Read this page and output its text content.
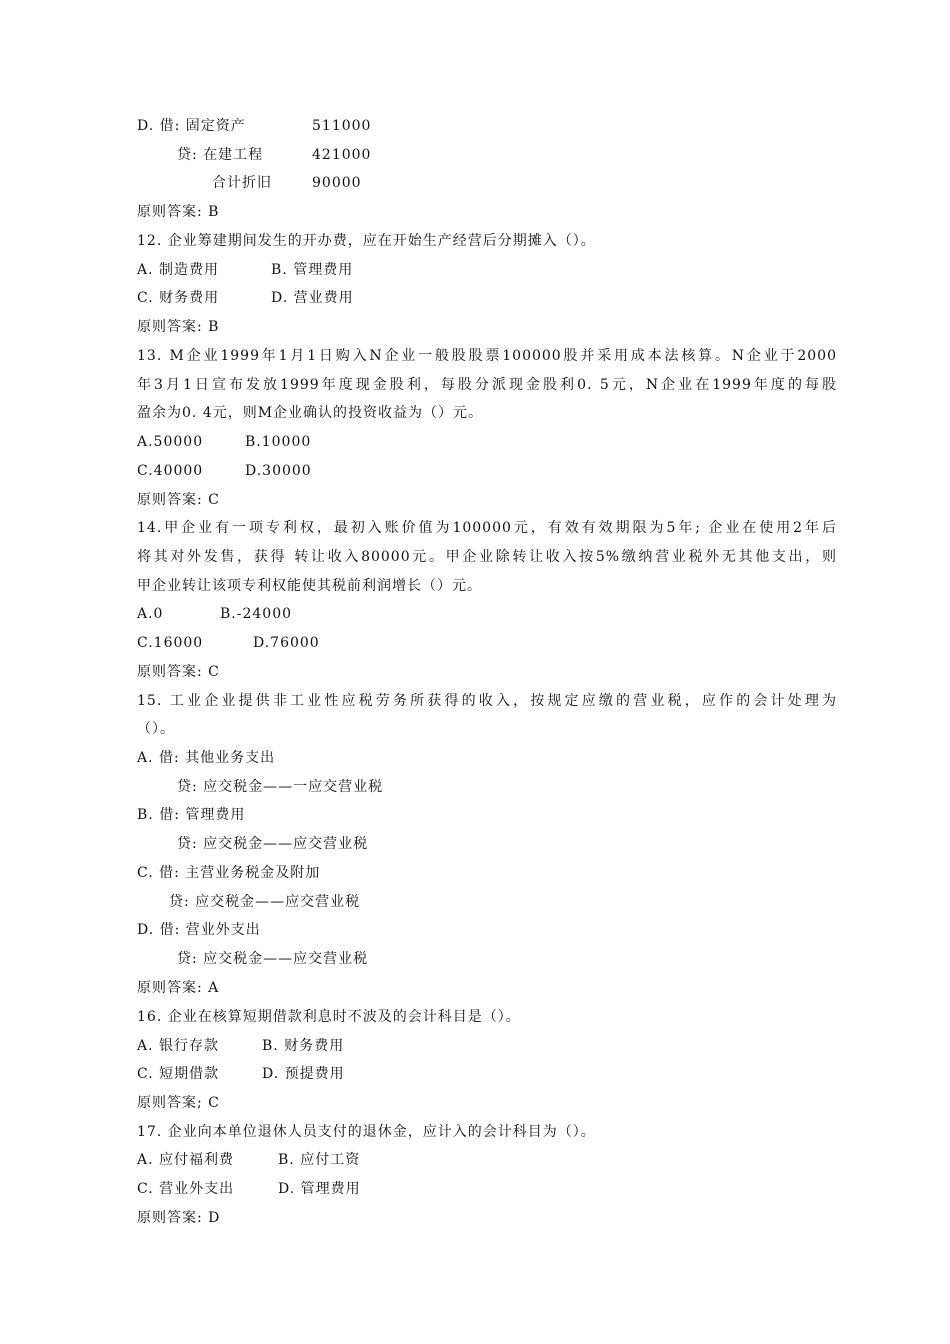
D. 借: 固定资产	511000
贷: 在建工程	421000
合计折旧	90000
原则答案: B
12. 企业筹建期间发生的开办费，应在开始生产经营后分期摊入（）。
A. 制造费用	B. 管理费用
C. 财务费用	D. 营业费用
原则答案: B
13. M企业1999年1月1日购入N企业一般股股票100000股并采用成本法核算。N企业于2000
年3月1日宣布发放1999年度现金股利，每股分派现金股利0. 5元，N企业在1999年度的每股
盈余为0. 4元，则M企业确认的投资收益为（）元。
A.50000	B.10000
C.40000	D.30000
原则答案: C
14.甲企业有一项专利权，最初入账价值为100000元，有效有效期限为5年; 企业在使用2年后
将其对外发售，获得 转让收入80000元。甲企业除转让收入按5%缴纳营业税外无其他支出，则
甲企业转让该项专利权能使其税前利润增长（）元。
A.0	B.-24000
C.16000	D.76000
原则答案: C
15. 工业企业提供非工业性应税劳务所获得的收入，按规定应缴的营业税，应作的会计处理为
（）。
A. 借: 其他业务支出
贷: 应交税金——一应交营业税
B. 借: 管理费用
贷: 应交税金——应交营业税
C. 借: 主营业务税金及附加
贷: 应交税金——应交营业税
D. 借: 营业外支出
贷: 应交税金——应交营业税
原则答案: A
16. 企业在核算短期借款利息时不波及的会计科目是（）。
A. 银行存款	B. 财务费用
C. 短期借款	D. 预提费用
原则答案; C
17. 企业向本单位退休人员支付的退休金，应计入的会计科目为（）。
A. 应付福利费	B. 应付工资
C. 营业外支出	D. 管理费用
原则答案: D
